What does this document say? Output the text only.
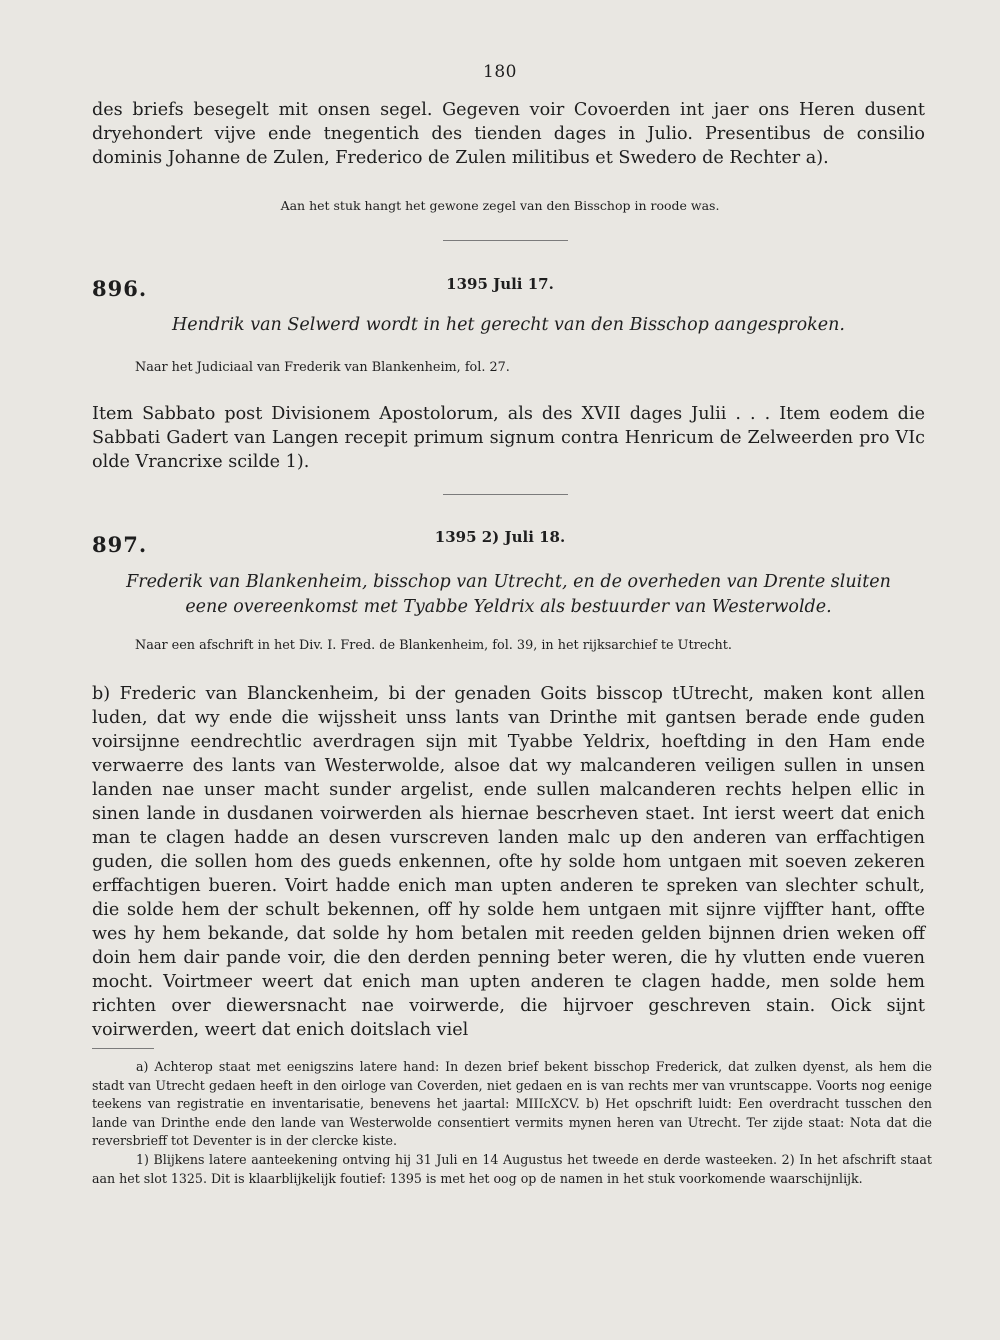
180

des briefs besegelt mit onsen segel. Gegeven voir Covoerden int jaer ons Heren dusent dryehondert vijve ende tnegentich des tienden dages in Julio. Presentibus de consilio dominis Johanne de Zulen, Frederico de Zulen militibus et Swedero de Rechter a).

Aan het stuk hangt het gewone zegel van den Bisschop in roode was.
896.	1395 Juli 17.

Hendrik van Selwerd wordt in het gerecht van den Bisschop aangesproken.

Naar het Judiciaal van Frederik van Blankenheim, fol. 27.

Item Sabbato post Divisionem Apostolorum, als des XVII dages Julii . . . Item eodem die Sabbati Gadert van Langen recepit primum signum contra Henricum de Zelweerden pro VIc olde Vrancrixe scilde 1).

897.	1395 2) Juli 18.

Frederik van Blankenheim, bisschop van Utrecht, en de overheden van Drente sluiten

eene overeenkomst met Tyabbe Yeldrix als bestuurder van Westerwolde.

Naar een afschrift in het Div. I. Fred. de Blankenheim, fol. 39, in het rijksarchief te Utrecht.

b) Frederic van Blanckenheim, bi der genaden Goits bisscop tUtrecht, maken kont allen luden, dat wy ende die wijssheit unss lants van Drinthe mit gantsen berade ende guden voirsijnne eendrechtlic averdragen sijn mit Tyabbe Yeldrix, hoeftding in den Ham ende verwaerre des lants van Westerwolde, alsoe dat wy malcanderen veiligen sullen in unsen landen nae unser macht sunder argelist, ende sullen malcanderen rechts helpen ellic in sinen lande in dusdanen voirwerden als hiernae bescrheven staet. Int ierst weert dat enich man te clagen hadde an desen vurscreven landen malc up den anderen van erffachtigen guden, die sollen hom des gueds enkennen, ofte hy solde hom untgaen mit soeven zekeren erffachtigen bueren. Voirt hadde enich man upten anderen te spreken van slechter schult, die solde hem der schult bekennen, off hy solde hem untgaen mit sijnre vijffter hant, offte wes hy hem bekande, dat solde hy hom betalen mit reeden gelden bijnnen drien weken off doin hem dair pande voir, die den derden penning beter weren, die hy vlutten ende vueren mocht. Voirtmeer weert dat enich man upten anderen te clagen hadde, men solde hem richten over diewersnacht nae voirwerde, die hijrvoer geschreven stain. Oick sijnt voirwerden, weert dat enich doitslach viel

a) Achterop staat met eenigszins latere hand: In dezen brief bekent bisschop Frederick, dat zulken dyenst, als hem die stadt van Utrecht gedaen heeft in den oirloge van Coverden, niet gedaen en is van rechts mer van vruntscappe. Voorts nog eenige teekens van registratie en inventarisatie, benevens het jaartal: MIIIcXCV. b) Het opschrift luidt: Een overdracht tusschen den lande van Drinthe ende den lande van Westerwolde consentiert vermits mynen heren van Utrecht. Ter zijde staat: Nota dat die reversbrieff tot Deventer is in der clercke kiste.

1) Blijkens latere aanteekening ontving hij 31 Juli en 14 Augustus het tweede en derde wasteeken. 2) In het afschrift staat aan het slot 1325. Dit is klaarblijkelijk foutief: 1395 is met het oog op de namen in het stuk voorkomende waarschijnlijk.
